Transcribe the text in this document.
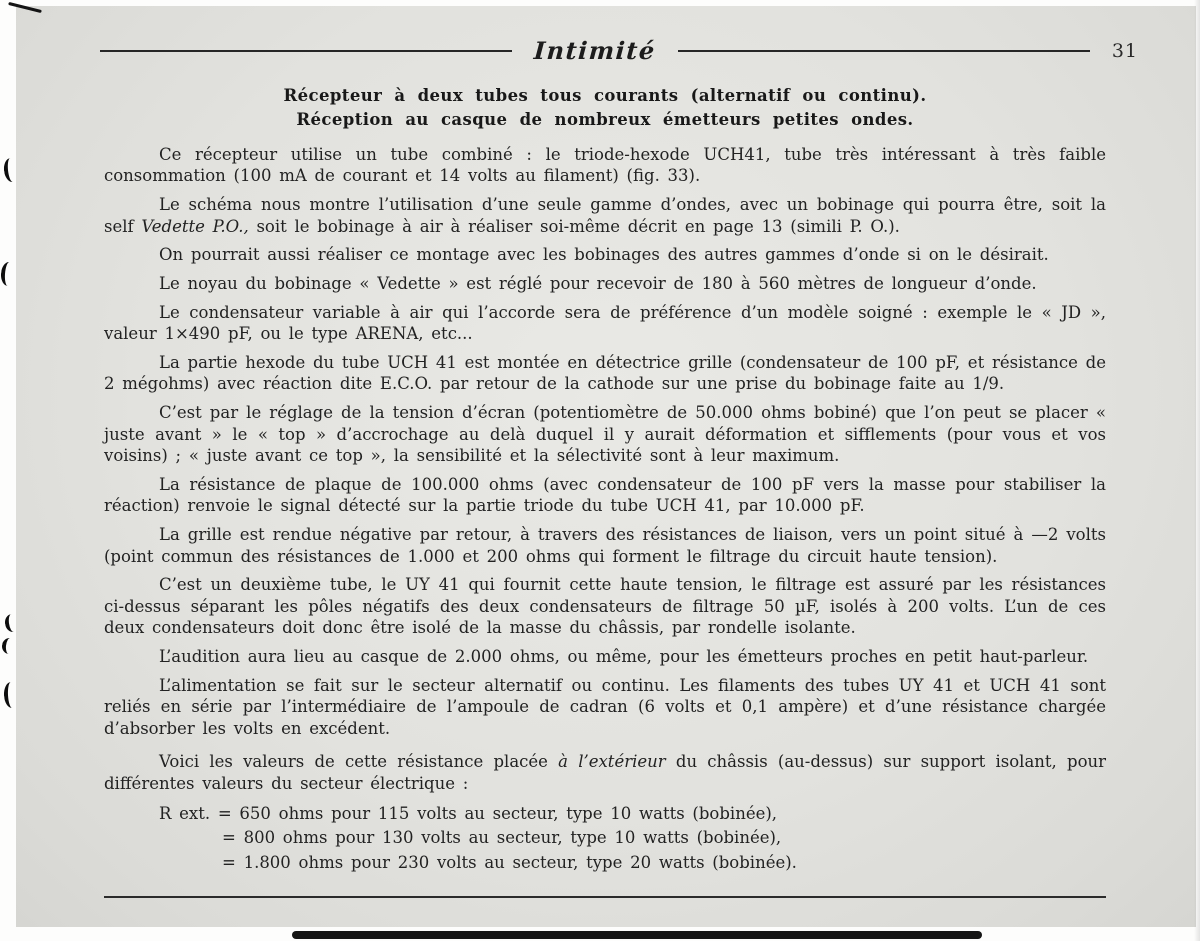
Intimité	31
Récepteur à deux tubes tous courants (alternatif ou continu).
Réception au casque de nombreux émetteurs petites ondes.

Ce récepteur utilise un tube combiné : le triode-hexode UCH41, tube très intéressant à très faible consommation (100 mA de courant et 14 volts au filament) (fig. 33).

Le schéma nous montre l’utilisation d’une seule gamme d’ondes, avec un bobinage qui pourra être, soit la self Vedette P.O., soit le bobinage à air à réaliser soi-même décrit en page 13 (simili P. O.).

On pourrait aussi réaliser ce montage avec les bobinages des autres gammes d’onde si on le désirait.

Le noyau du bobinage « Vedette » est réglé pour recevoir de 180 à 560 mètres de longueur d’onde.

Le condensateur variable à air qui l’accorde sera de préférence d’un modèle soigné : exemple le « JD », valeur 1×490 pF, ou le type ARENA, etc...

La partie hexode du tube UCH 41 est montée en détectrice grille (condensateur de 100 pF, et résistance de 2 mégohms) avec réaction dite E.C.O. par retour de la cathode sur une prise du bobinage faite au 1/9.

C’est par le réglage de la tension d’écran (potentiomètre de 50.000 ohms bobiné) que l’on peut se placer « juste avant » le « top » d’accrochage au delà duquel il y aurait déformation et sifflements (pour vous et vos voisins) ; « juste avant ce top », la sensibilité et la sélectivité sont à leur maximum.

La résistance de plaque de 100.000 ohms (avec condensateur de 100 pF vers la masse pour stabiliser la réaction) renvoie le signal détecté sur la partie triode du tube UCH 41, par 10.000 pF.

La grille est rendue négative par retour, à travers des résistances de liaison, vers un point situé à —2 volts (point commun des résistances de 1.000 et 200 ohms qui forment le filtrage du circuit haute tension).

C’est un deuxième tube, le UY 41 qui fournit cette haute tension, le filtrage est assuré par les résistances ci-dessus séparant les pôles négatifs des deux condensateurs de filtrage 50 µF, isolés à 200 volts. L’un de ces deux condensateurs doit donc être isolé de la masse du châssis, par rondelle isolante.

L’audition aura lieu au casque de 2.000 ohms, ou même, pour les émetteurs proches en petit haut-parleur.

L’alimentation se fait sur le secteur alternatif ou continu. Les filaments des tubes UY 41 et UCH 41 sont reliés en série par l’intermédiaire de l’ampoule de cadran (6 volts et 0,1 ampère) et d’une résistance chargée d’absorber les volts en excédent.

Voici les valeurs de cette résistance placée à l’extérieur du châssis (au-dessus) sur support isolant, pour différentes valeurs du secteur électrique :

R ext. = 650 ohms pour 115 volts au secteur, type 10 watts (bobinée),
= 800 ohms pour 130 volts au secteur, type 10 watts (bobinée),
= 1.800 ohms pour 230 volts au secteur, type 20 watts (bobinée).
